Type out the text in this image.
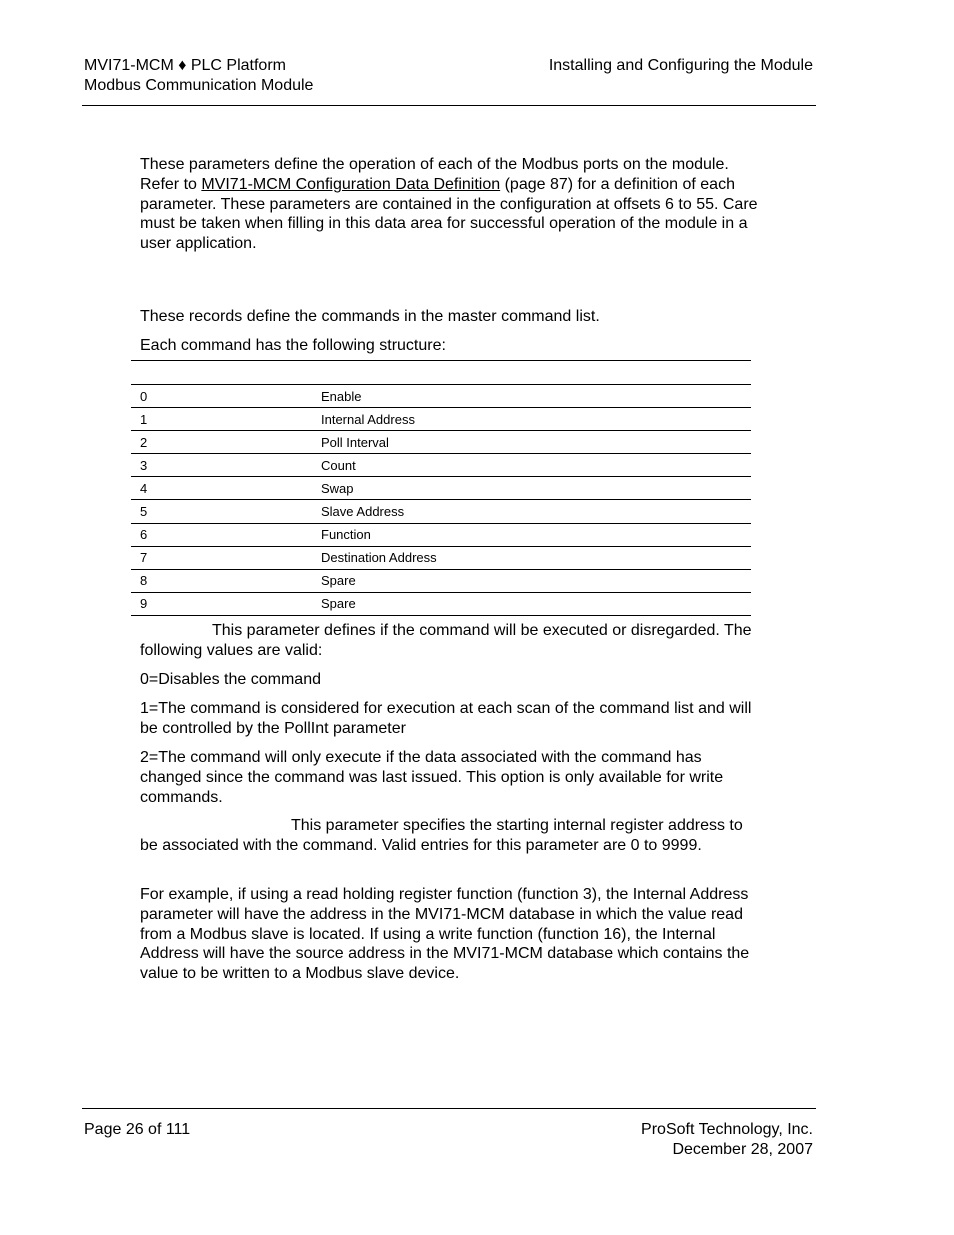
MVI71-MCM ♦ PLC Platform
Modbus Communication Module
Installing and Configuring the Module

These parameters define the operation of each of the Modbus ports on the module. Refer to MVI71-MCM Configuration Data Definition (page 87) for a definition of each parameter. These parameters are contained in the configuration at offsets 6 to 55. Care must be taken when filling in this data area for successful operation of the module in a user application.

These records define the commands in the master command list.
Each command has the following structure:

0	Enable
1	Internal Address
2	Poll Interval
3	Count
4	Swap
5	Slave Address
6	Function
7	Destination Address
8	Spare
9	Spare

This parameter defines if the command will be executed or disregarded. The following values are valid:

0=Disables the command
1=The command is considered for execution at each scan of the command list and will be controlled by the PollInt parameter
2=The command will only execute if the data associated with the command has changed since the command was last issued. This option is only available for write commands.

This parameter specifies the starting internal register address to be associated with the command. Valid entries for this parameter are 0 to 9999.

For example, if using a read holding register function (function 3), the Internal Address parameter will have the address in the MVI71-MCM database in which the value read from a Modbus slave is located. If using a write function (function 16), the Internal Address will have the source address in the MVI71-MCM database which contains the value to be written to a Modbus slave device.
Page 26 of 111	ProSoft Technology, Inc.
December 28, 2007
